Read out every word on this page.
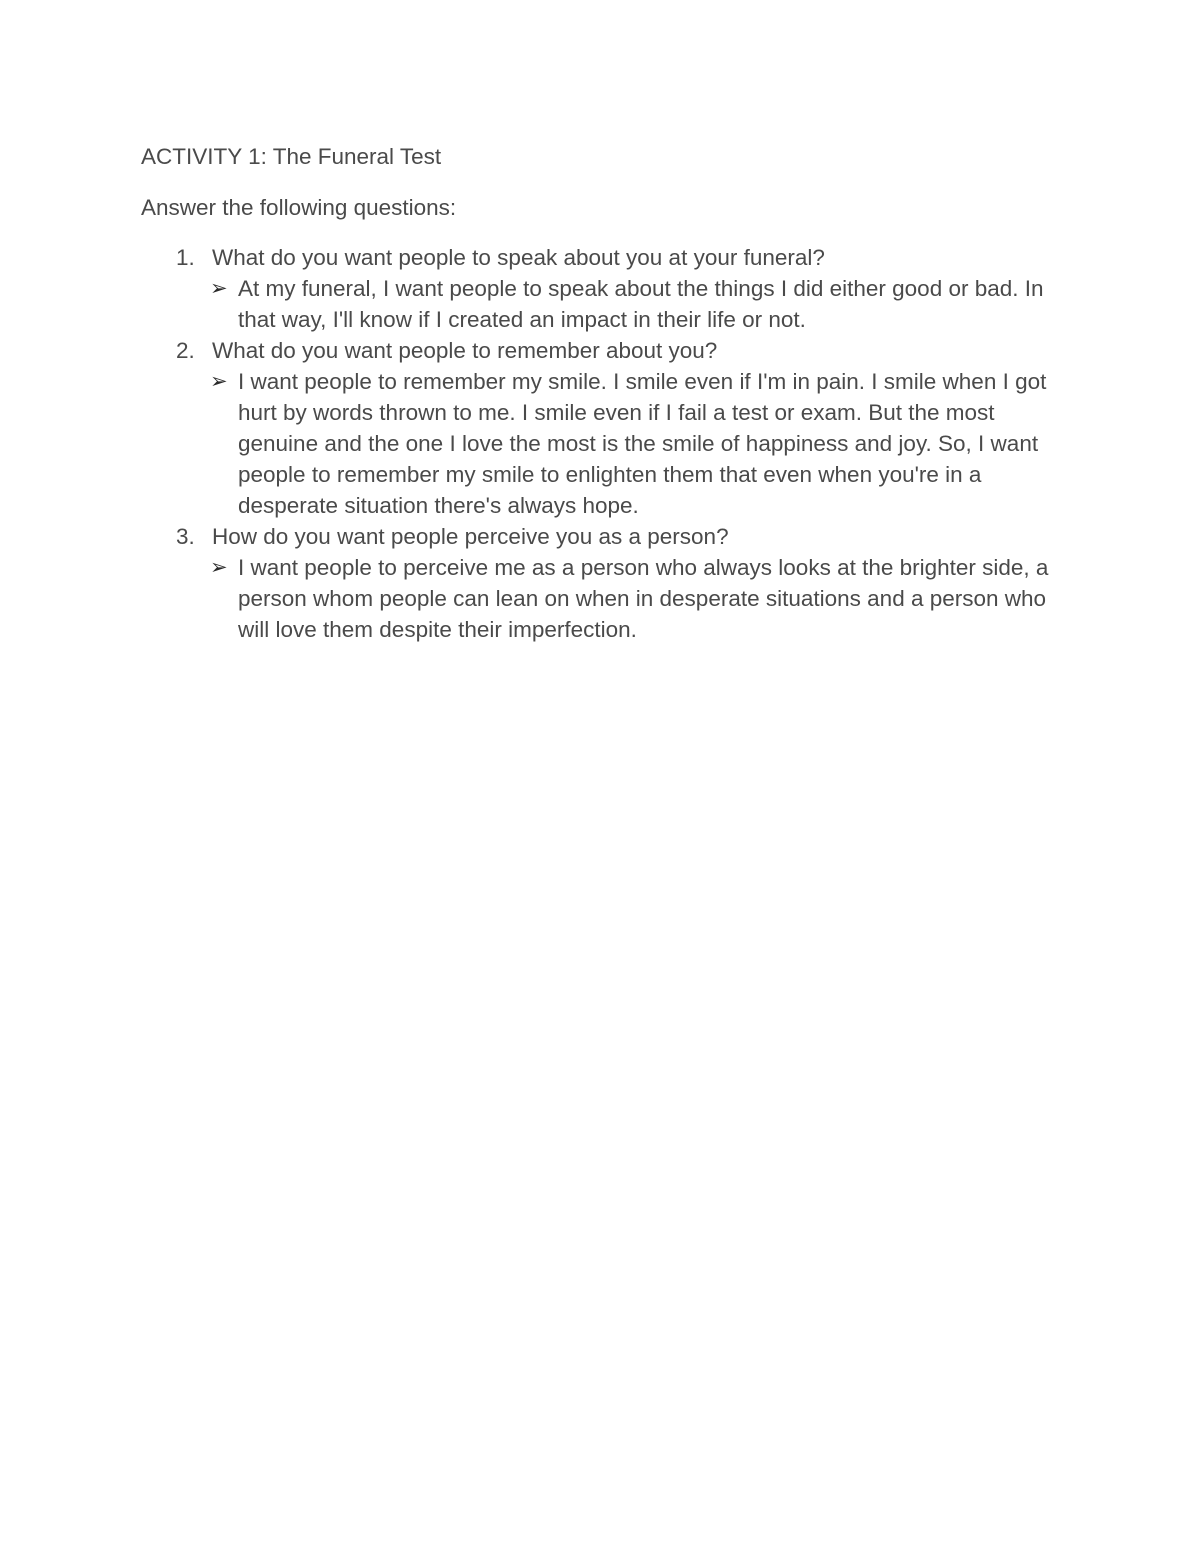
ACTIVITY 1: The Funeral Test

Answer the following questions:

1. What do you want people to speak about you at your funeral?
➢ At my funeral, I want people to speak about the things I did either good or bad. In that way, I'll know if I created an impact in their life or not.
2. What do you want people to remember about you?
➢ I want people to remember my smile. I smile even if I'm in pain. I smile when I got hurt by words thrown to me. I smile even if I fail a test or exam. But the most genuine and the one I love the most is the smile of happiness and joy. So, I want people to remember my smile to enlighten them that even when you're in a desperate situation there's always hope.
3. How do you want people perceive you as a person?
➢ I want people to perceive me as a person who always looks at the brighter side, a person whom people can lean on when in desperate situations and a person who will love them despite their imperfection.
